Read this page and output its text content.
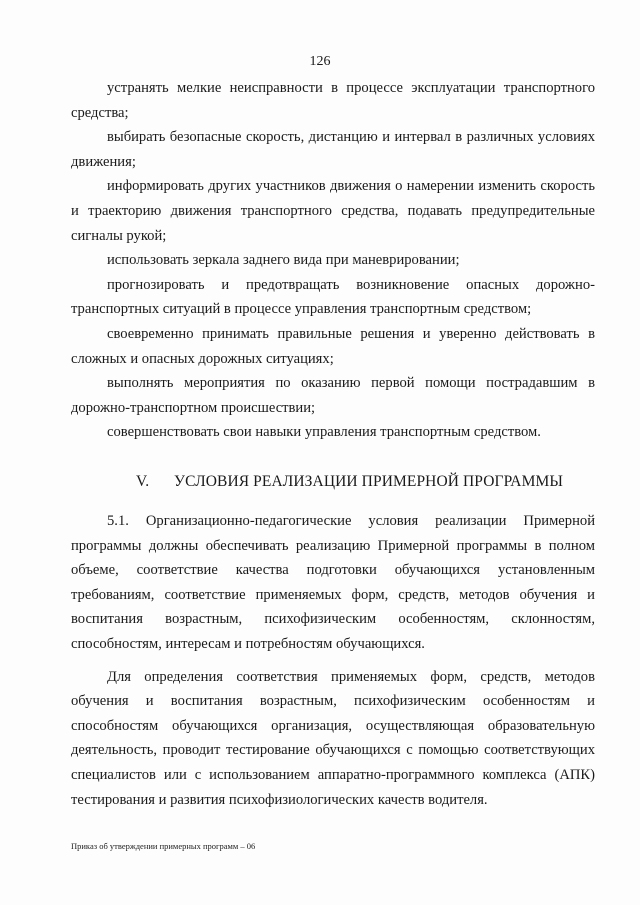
126

устранять мелкие неисправности в процессе эксплуатации транспортного средства;

выбирать безопасные скорость, дистанцию и интервал в различных условиях движения;

информировать других участников движения о намерении изменить скорость и траекторию движения транспортного средства, подавать предупредительные сигналы рукой;

использовать зеркала заднего вида при маневрировании;

прогнозировать и предотвращать возникновение опасных дорожно-транспортных ситуаций в процессе управления транспортным средством;

своевременно принимать правильные решения и уверенно действовать в сложных и опасных дорожных ситуациях;

выполнять мероприятия по оказанию первой помощи пострадавшим в дорожно-транспортном происшествии;

совершенствовать свои навыки управления транспортным средством.

V. УСЛОВИЯ РЕАЛИЗАЦИИ ПРИМЕРНОЙ ПРОГРАММЫ

5.1. Организационно-педагогические условия реализации Примерной программы должны обеспечивать реализацию Примерной программы в полном объеме, соответствие качества подготовки обучающихся установленным требованиям, соответствие применяемых форм, средств, методов обучения и воспитания возрастным, психофизическим особенностям, склонностям, способностям, интересам и потребностям обучающихся.

Для определения соответствия применяемых форм, средств, методов обучения и воспитания возрастным, психофизическим особенностям и способностям обучающихся организация, осуществляющая образовательную деятельность, проводит тестирование обучающихся с помощью соответствующих специалистов или с использованием аппаратно-программного комплекса (АПК) тестирования и развития психофизиологических качеств водителя.

Приказ об утверждении примерных программ – 06
